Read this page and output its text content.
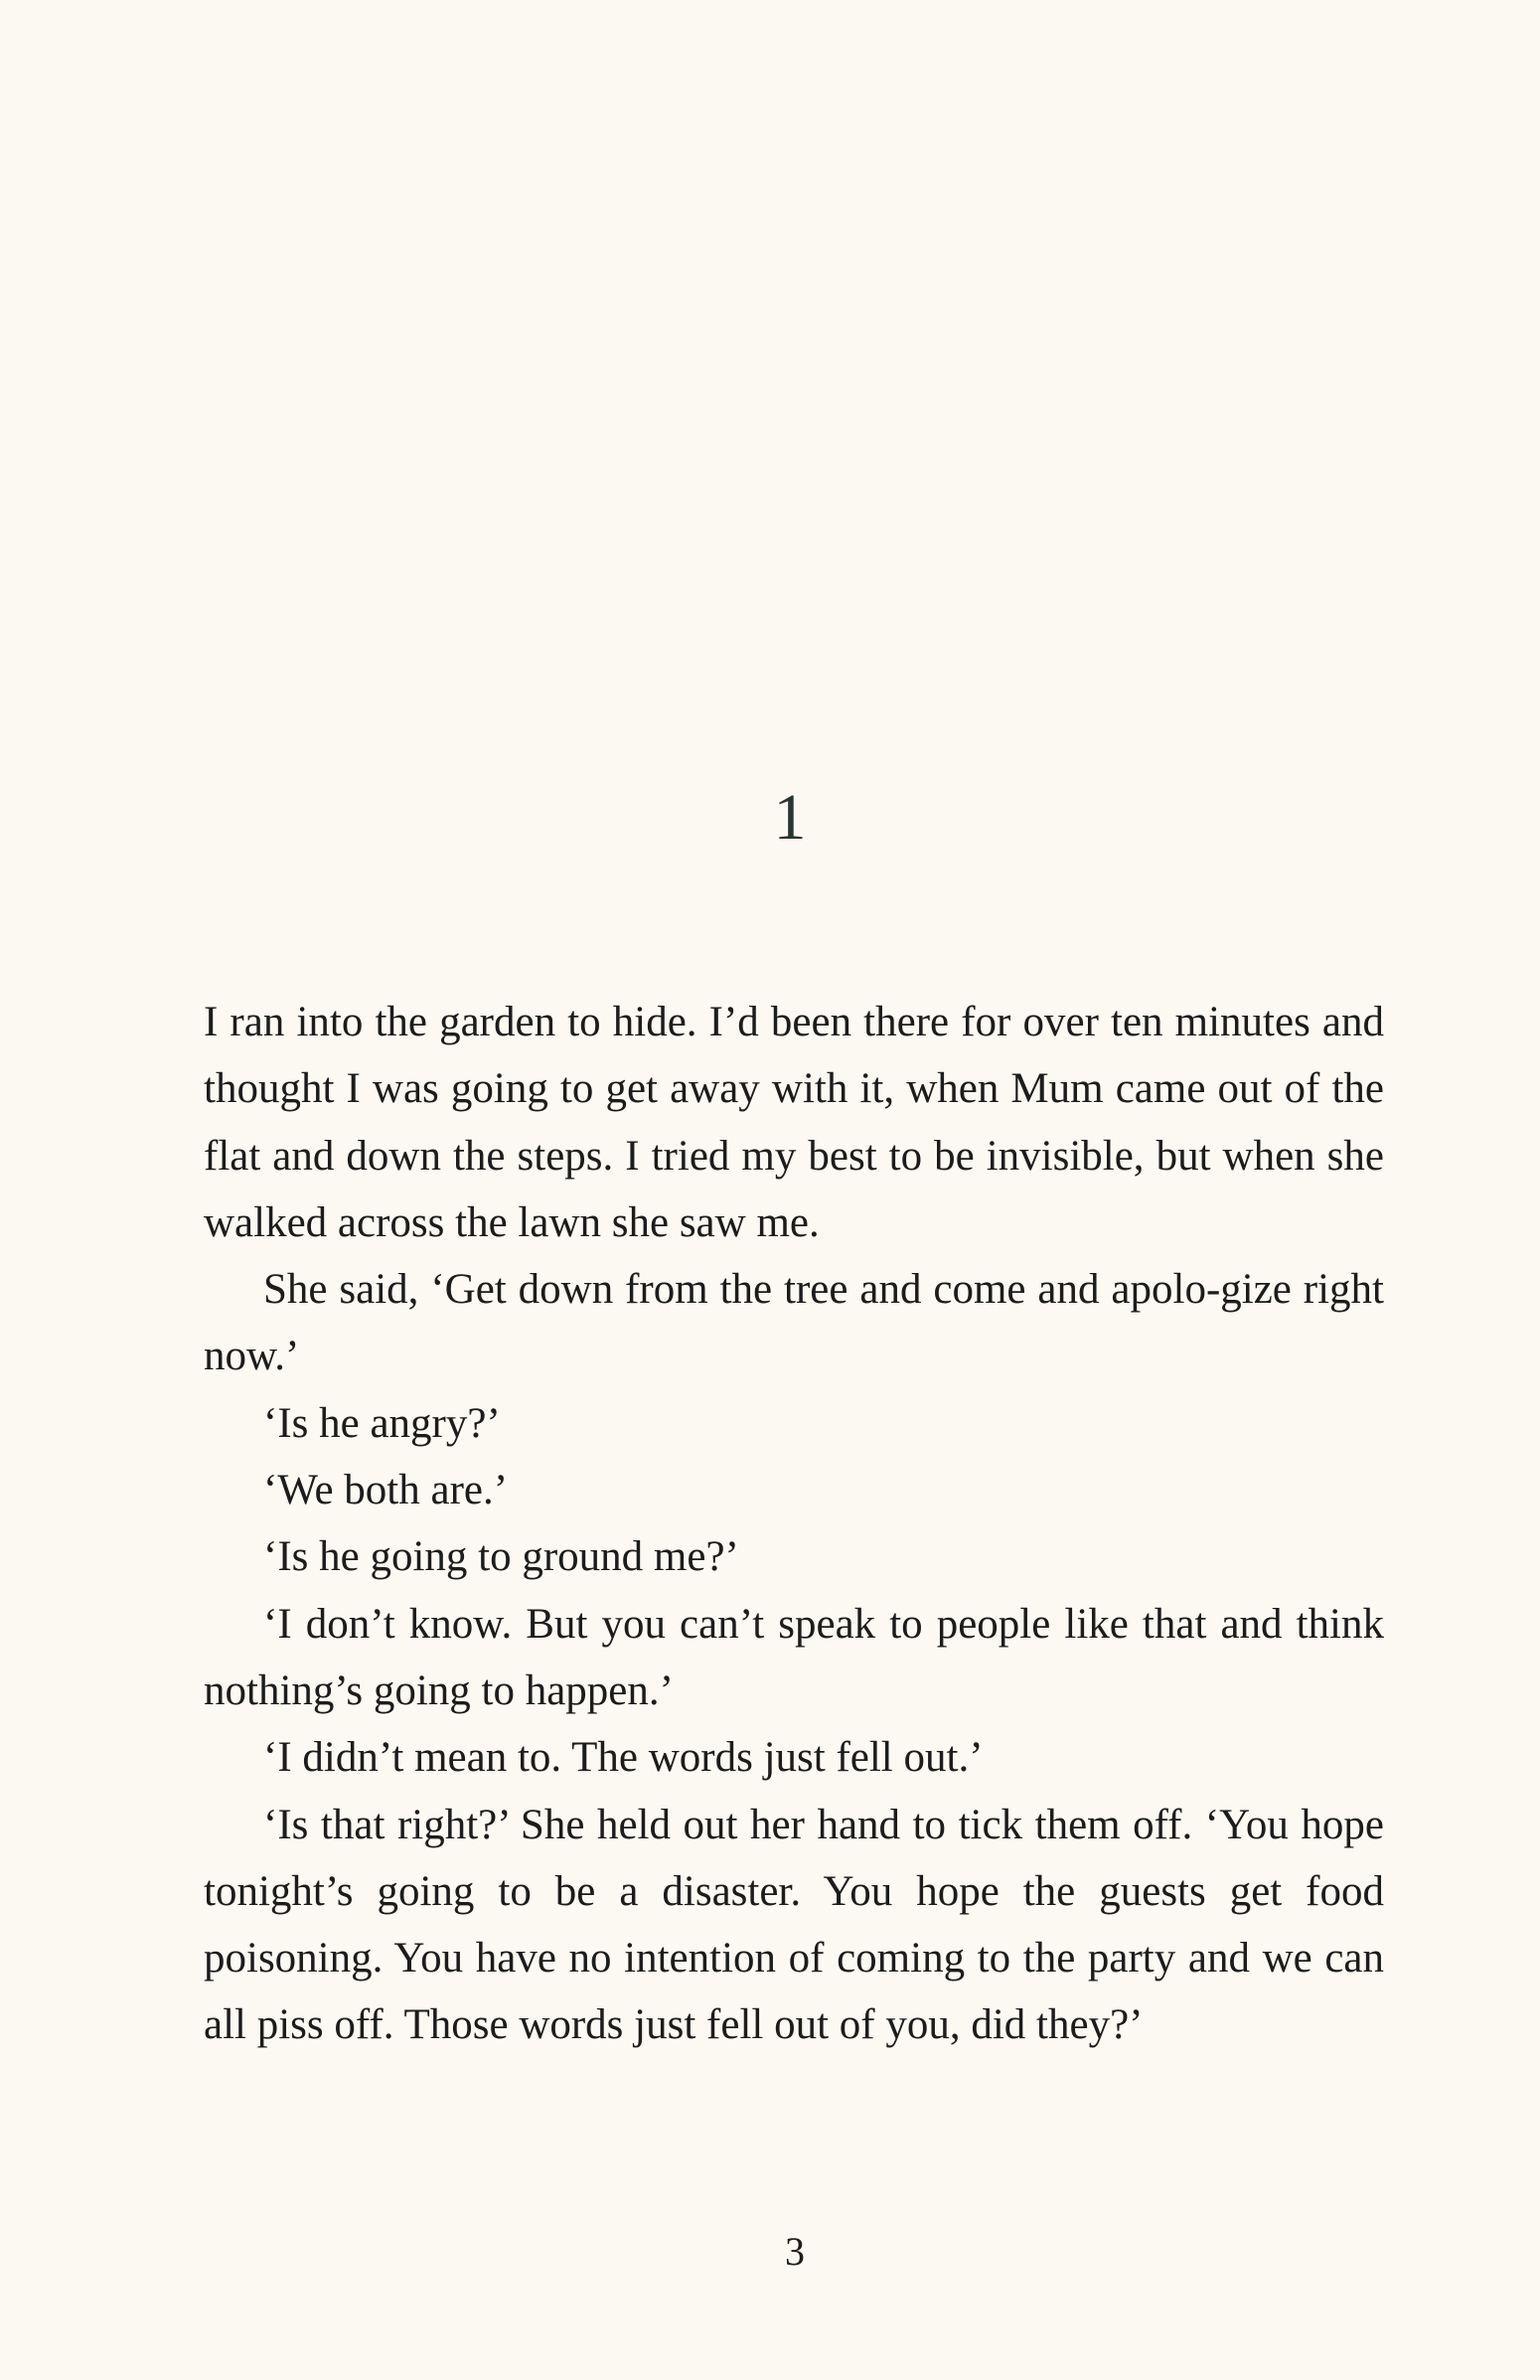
1

I ran into the garden to hide. I’d been there for over ten minutes and thought I was going to get away with it, when Mum came out of the flat and down the steps. I tried my best to be invisible, but when she walked across the lawn she saw me.

She said, ‘Get down from the tree and come and apolo-gize right now.’

‘Is he angry?’

‘We both are.’

‘Is he going to ground me?’

‘I don’t know. But you can’t speak to people like that and think nothing’s going to happen.’

‘I didn’t mean to. The words just fell out.’

‘Is that right?’ She held out her hand to tick them off. ‘You hope tonight’s going to be a disaster. You hope the guests get food poisoning. You have no intention of coming to the party and we can all piss off. Those words just fell out of you, did they?’

3
